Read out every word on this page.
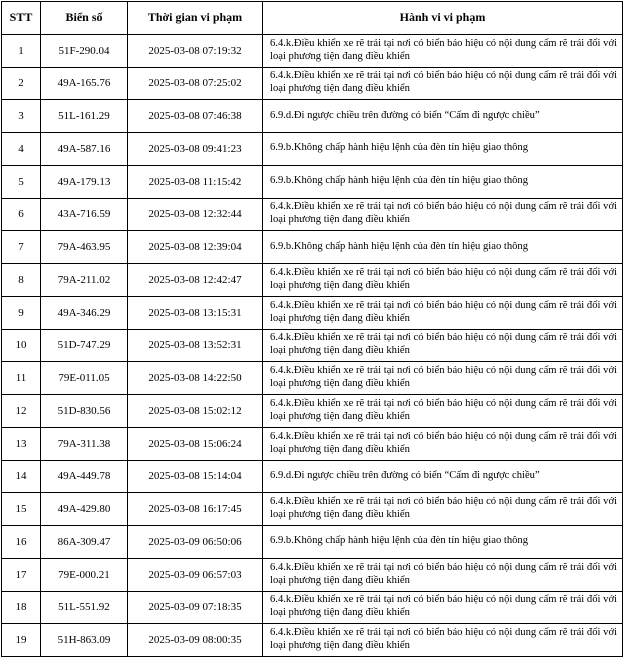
STT	Biển số	Thời gian vi phạm	Hành vi vi phạm
1	51F-290.04	2025-03-08 07:19:32	6.4.k.Điều khiển xe rẽ trái tại nơi có biển báo hiệu có nội dung cấm rẽ trái đối với loại phương tiện đang điều khiển
2	49A-165.76	2025-03-08 07:25:02	6.4.k.Điều khiển xe rẽ trái tại nơi có biển báo hiệu có nội dung cấm rẽ trái đối với loại phương tiện đang điều khiển
3	51L-161.29	2025-03-08 07:46:38	6.9.d.Đi ngược chiều trên đường có biển “Cấm đi ngược chiều”
4	49A-587.16	2025-03-08 09:41:23	6.9.b.Không chấp hành hiệu lệnh của đèn tín hiệu giao thông
5	49A-179.13	2025-03-08 11:15:42	6.9.b.Không chấp hành hiệu lệnh của đèn tín hiệu giao thông
6	43A-716.59	2025-03-08 12:32:44	6.4.k.Điều khiển xe rẽ trái tại nơi có biển báo hiệu có nội dung cấm rẽ trái đối với loại phương tiện đang điều khiển
7	79A-463.95	2025-03-08 12:39:04	6.9.b.Không chấp hành hiệu lệnh của đèn tín hiệu giao thông
8	79A-211.02	2025-03-08 12:42:47	6.4.k.Điều khiển xe rẽ trái tại nơi có biển báo hiệu có nội dung cấm rẽ trái đối với loại phương tiện đang điều khiển
9	49A-346.29	2025-03-08 13:15:31	6.4.k.Điều khiển xe rẽ trái tại nơi có biển báo hiệu có nội dung cấm rẽ trái đối với loại phương tiện đang điều khiển
10	51D-747.29	2025-03-08 13:52:31	6.4.k.Điều khiển xe rẽ trái tại nơi có biển báo hiệu có nội dung cấm rẽ trái đối với loại phương tiện đang điều khiển
11	79E-011.05	2025-03-08 14:22:50	6.4.k.Điều khiển xe rẽ trái tại nơi có biển báo hiệu có nội dung cấm rẽ trái đối với loại phương tiện đang điều khiển
12	51D-830.56	2025-03-08 15:02:12	6.4.k.Điều khiển xe rẽ trái tại nơi có biển báo hiệu có nội dung cấm rẽ trái đối với loại phương tiện đang điều khiển
13	79A-311.38	2025-03-08 15:06:24	6.4.k.Điều khiển xe rẽ trái tại nơi có biển báo hiệu có nội dung cấm rẽ trái đối với loại phương tiện đang điều khiển
14	49A-449.78	2025-03-08 15:14:04	6.9.d.Đi ngược chiều trên đường có biển “Cấm đi ngược chiều”
15	49A-429.80	2025-03-08 16:17:45	6.4.k.Điều khiển xe rẽ trái tại nơi có biển báo hiệu có nội dung cấm rẽ trái đối với loại phương tiện đang điều khiển
16	86A-309.47	2025-03-09 06:50:06	6.9.b.Không chấp hành hiệu lệnh của đèn tín hiệu giao thông
17	79E-000.21	2025-03-09 06:57:03	6.4.k.Điều khiển xe rẽ trái tại nơi có biển báo hiệu có nội dung cấm rẽ trái đối với loại phương tiện đang điều khiển
18	51L-551.92	2025-03-09 07:18:35	6.4.k.Điều khiển xe rẽ trái tại nơi có biển báo hiệu có nội dung cấm rẽ trái đối với loại phương tiện đang điều khiển
19	51H-863.09	2025-03-09 08:00:35	6.4.k.Điều khiển xe rẽ trái tại nơi có biển báo hiệu có nội dung cấm rẽ trái đối với loại phương tiện đang điều khiển
